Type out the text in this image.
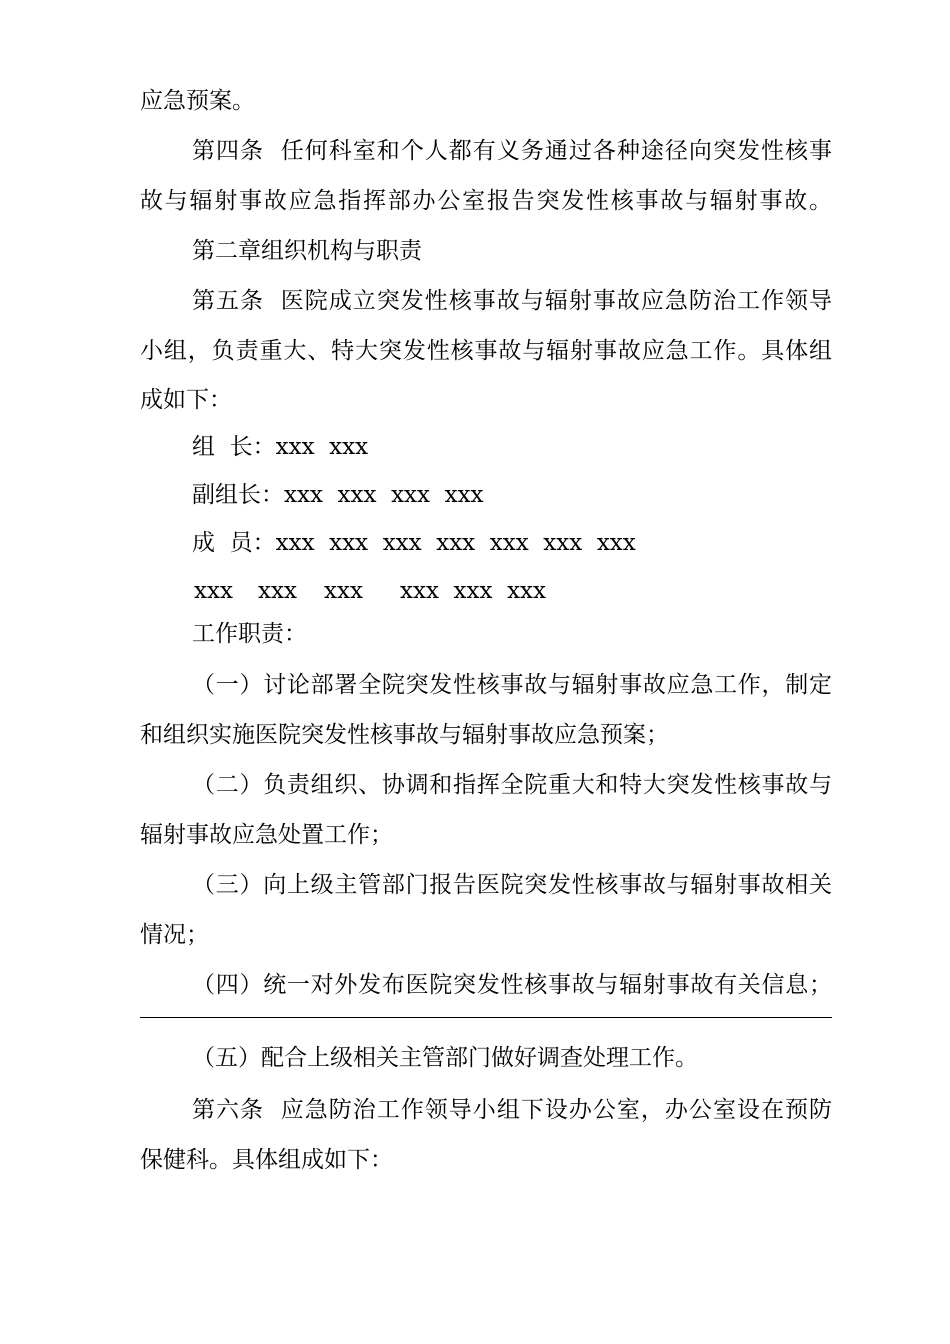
应急预案。
第四条  任何科室和个人都有义务通过各种途径向突发性核事
故与辐射事故应急指挥部办公室报告突发性核事故与辐射事故。
第二章组织机构与职责
第五条  医院成立突发性核事故与辐射事故应急防治工作领导
小组，负责重大、特大突发性核事故与辐射事故应急工作。具体组
成如下：
组  长：xxx  xxx
副组长：xxx  xxx  xxx  xxx
成  员：xxx  xxx  xxx  xxx  xxx  xxx  xxx
xxx xxx xxx xxx  xxx  xxx
工作职责：
（一）讨论部署全院突发性核事故与辐射事故应急工作，制定
和组织实施医院突发性核事故与辐射事故应急预案；
（二）负责组织、协调和指挥全院重大和特大突发性核事故与
辐射事故应急处置工作；
（三）向上级主管部门报告医院突发性核事故与辐射事故相关
情况；
（四）统一对外发布医院突发性核事故与辐射事故有关信息；
（五）配合上级相关主管部门做好调查处理工作。
第六条  应急防治工作领导小组下设办公室，办公室设在预防
保健科。具体组成如下：
